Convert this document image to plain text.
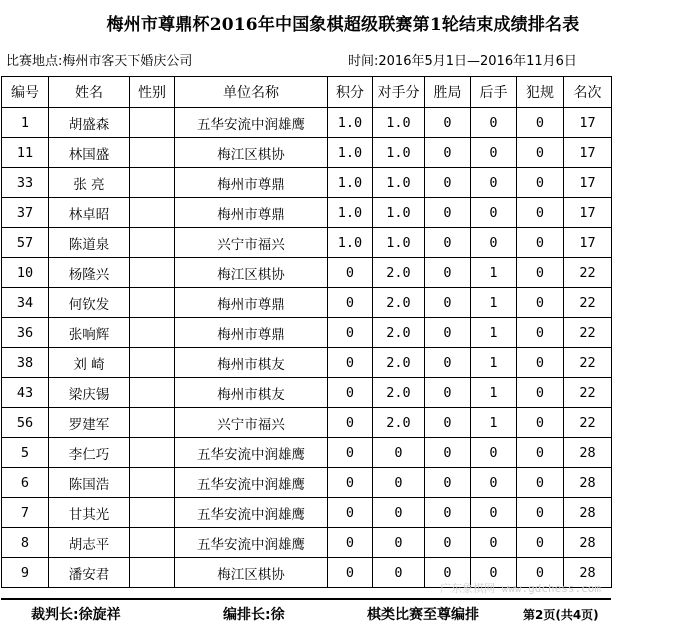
梅州市尊鼎杯2016年中国象棋超级联赛第1轮结束成绩排名表
比赛地点:梅州市客天下婚庆公司	时间:2016年5月1日—2016年11月6日
编号	姓名	性别	单位名称	积分	对手分	胜局	后手	犯规	名次
1	胡盛森		五华安流中润雄鹰	1.0	1.0	0	0	0	17
11	林国盛		梅江区棋协	1.0	1.0	0	0	0	17
33	张 亮		梅州市尊鼎	1.0	1.0	0	0	0	17
37	林卓昭		梅州市尊鼎	1.0	1.0	0	0	0	17
57	陈道泉		兴宁市福兴	1.0	1.0	0	0	0	17
10	杨隆兴		梅江区棋协	0	2.0	0	1	0	22
34	何钦发		梅州市尊鼎	0	2.0	0	1	0	22
36	张响辉		梅州市尊鼎	0	2.0	0	1	0	22
38	刘 崎		梅州市棋友	0	2.0	0	1	0	22
43	梁庆锡		梅州市棋友	0	2.0	0	1	0	22
56	罗建军		兴宁市福兴	0	2.0	0	1	0	22
5	李仁巧		五华安流中润雄鹰	0	0	0	0	0	28
6	陈国浩		五华安流中润雄鹰	0	0	0	0	0	28
7	甘其光		五华安流中润雄鹰	0	0	0	0	0	28
8	胡志平		五华安流中润雄鹰	0	0	0	0	0	28
9	潘安君		梅江区棋协	0	0	0	0	0	28
广东象棋网 www.gdchess.com
裁判长:徐旋祥	编排长:徐	棋类比赛至尊编排	第2页(共4页)
